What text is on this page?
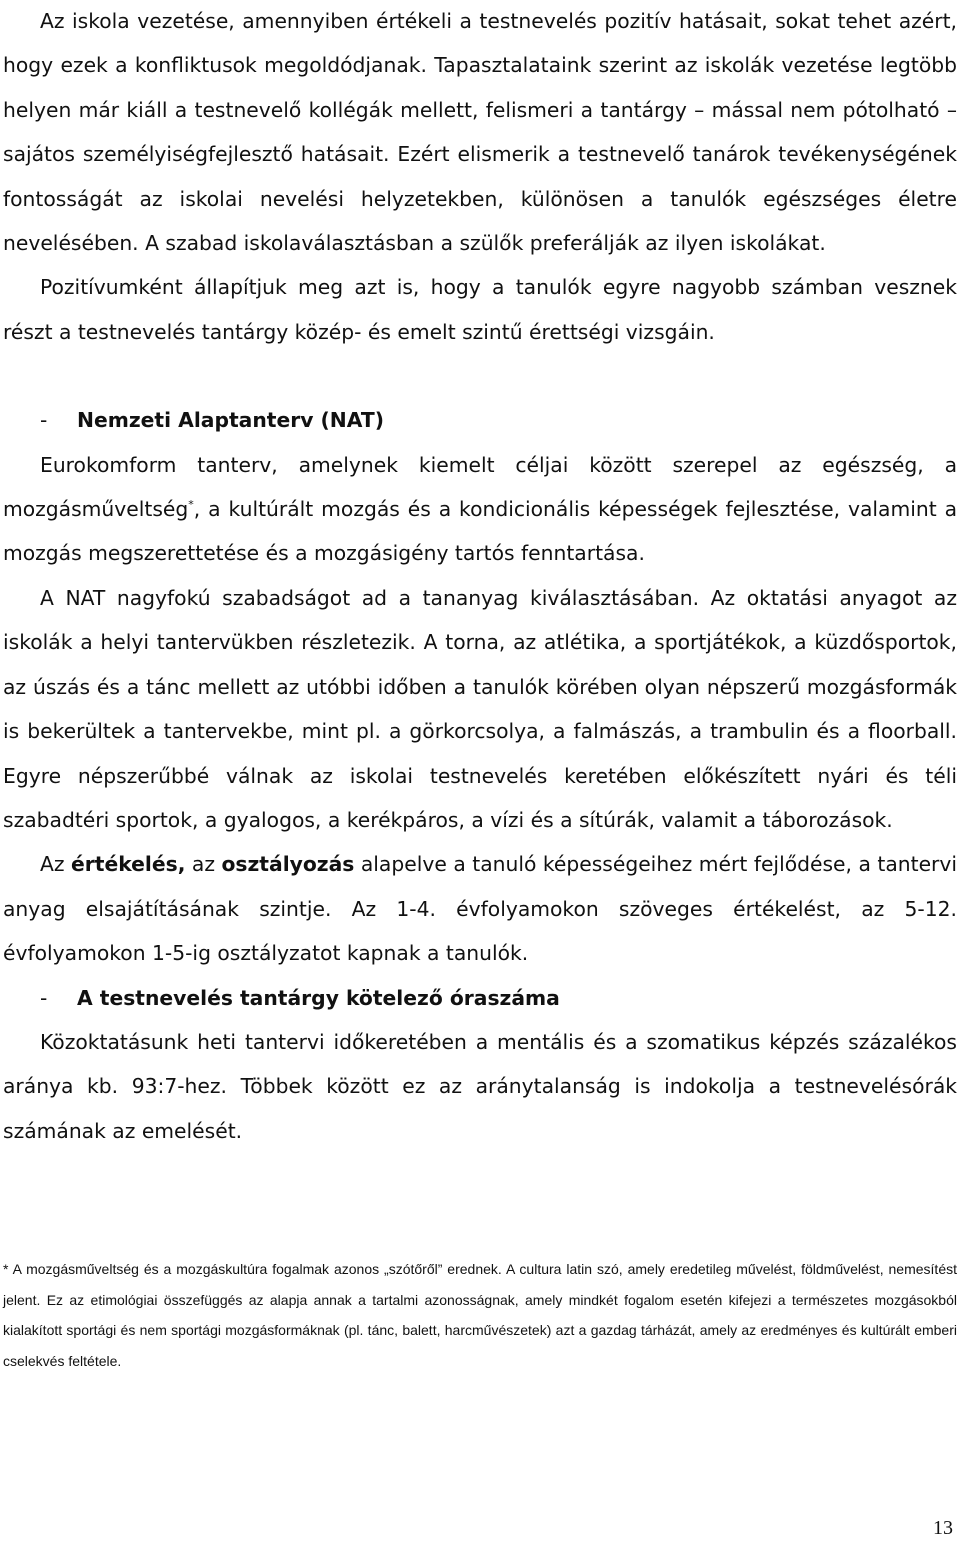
Az iskola vezetése, amennyiben értékeli a testnevelés pozitív hatásait, sokat tehet azért, hogy ezek a konfliktusok megoldódjanak. Tapasztalataink szerint az iskolák vezetése legtöbb helyen már kiáll a testnevelő kollégák mellett, felismeri a tantárgy – mással nem pótolható – sajátos személyiségfejlesztő hatásait. Ezért elismerik a testnevelő tanárok tevékenységének fontosságát az iskolai nevelési helyzetekben, különösen a tanulók egészséges életre nevelésében. A szabad iskolaválasztásban a szülők preferálják az ilyen iskolákat.

Pozitívumként állapítjuk meg azt is, hogy a tanulók egyre nagyobb számban vesznek részt a testnevelés tantárgy közép- és emelt szintű érettségi vizsgáin.

- Nemzeti Alaptanterv (NAT)

Eurokomform tanterv, amelynek kiemelt céljai között szerepel az egészség, a mozgásműveltség*, a kultúrált mozgás és a kondicionális képességek fejlesztése, valamint a mozgás megszerettetése és a mozgásigény tartós fenntartása.

A NAT nagyfokú szabadságot ad a tananyag kiválasztásában. Az oktatási anyagot az iskolák a helyi tantervükben részletezik. A torna, az atlétika, a sportjátékok, a küzdősportok, az úszás és a tánc mellett az utóbbi időben a tanulók körében olyan népszerű mozgásformák is bekerültek a tantervekbe, mint pl. a görkorcsolya, a falmászás, a trambulin és a floorball. Egyre népszerűbbé válnak az iskolai testnevelés keretében előkészített nyári és téli szabadtéri sportok, a gyalogos, a kerékpáros, a vízi és a sítúrák, valamit a táborozások.

Az értékelés, az osztályozás alapelve a tanuló képességeihez mért fejlődése, a tantervi anyag elsajátításának szintje. Az 1-4. évfolyamokon szöveges értékelést, az 5-12. évfolyamokon 1-5-ig osztályzatot kapnak a tanulók.

- A testnevelés tantárgy kötelező óraszáma

Közoktatásunk heti tantervi időkeretében a mentális és a szomatikus képzés százalékos aránya kb. 93:7-hez. Többek között ez az aránytalanság is indokolja a testnevelésórák számának az emelését.

* A mozgásműveltség és a mozgáskultúra fogalmak azonos „szótőről” erednek. A cultura latin szó, amely eredetileg művelést, földművelést, nemesítést jelent. Ez az etimológiai összefüggés az alapja annak a tartalmi azonosságnak, amely mindkét fogalom esetén kifejezi a természetes mozgásokból kialakított sportági és nem sportági mozgásformáknak (pl. tánc, balett, harcművészetek) azt a gazdag tárházát, amely az eredményes és kultúrált emberi cselekvés feltétele.
13
